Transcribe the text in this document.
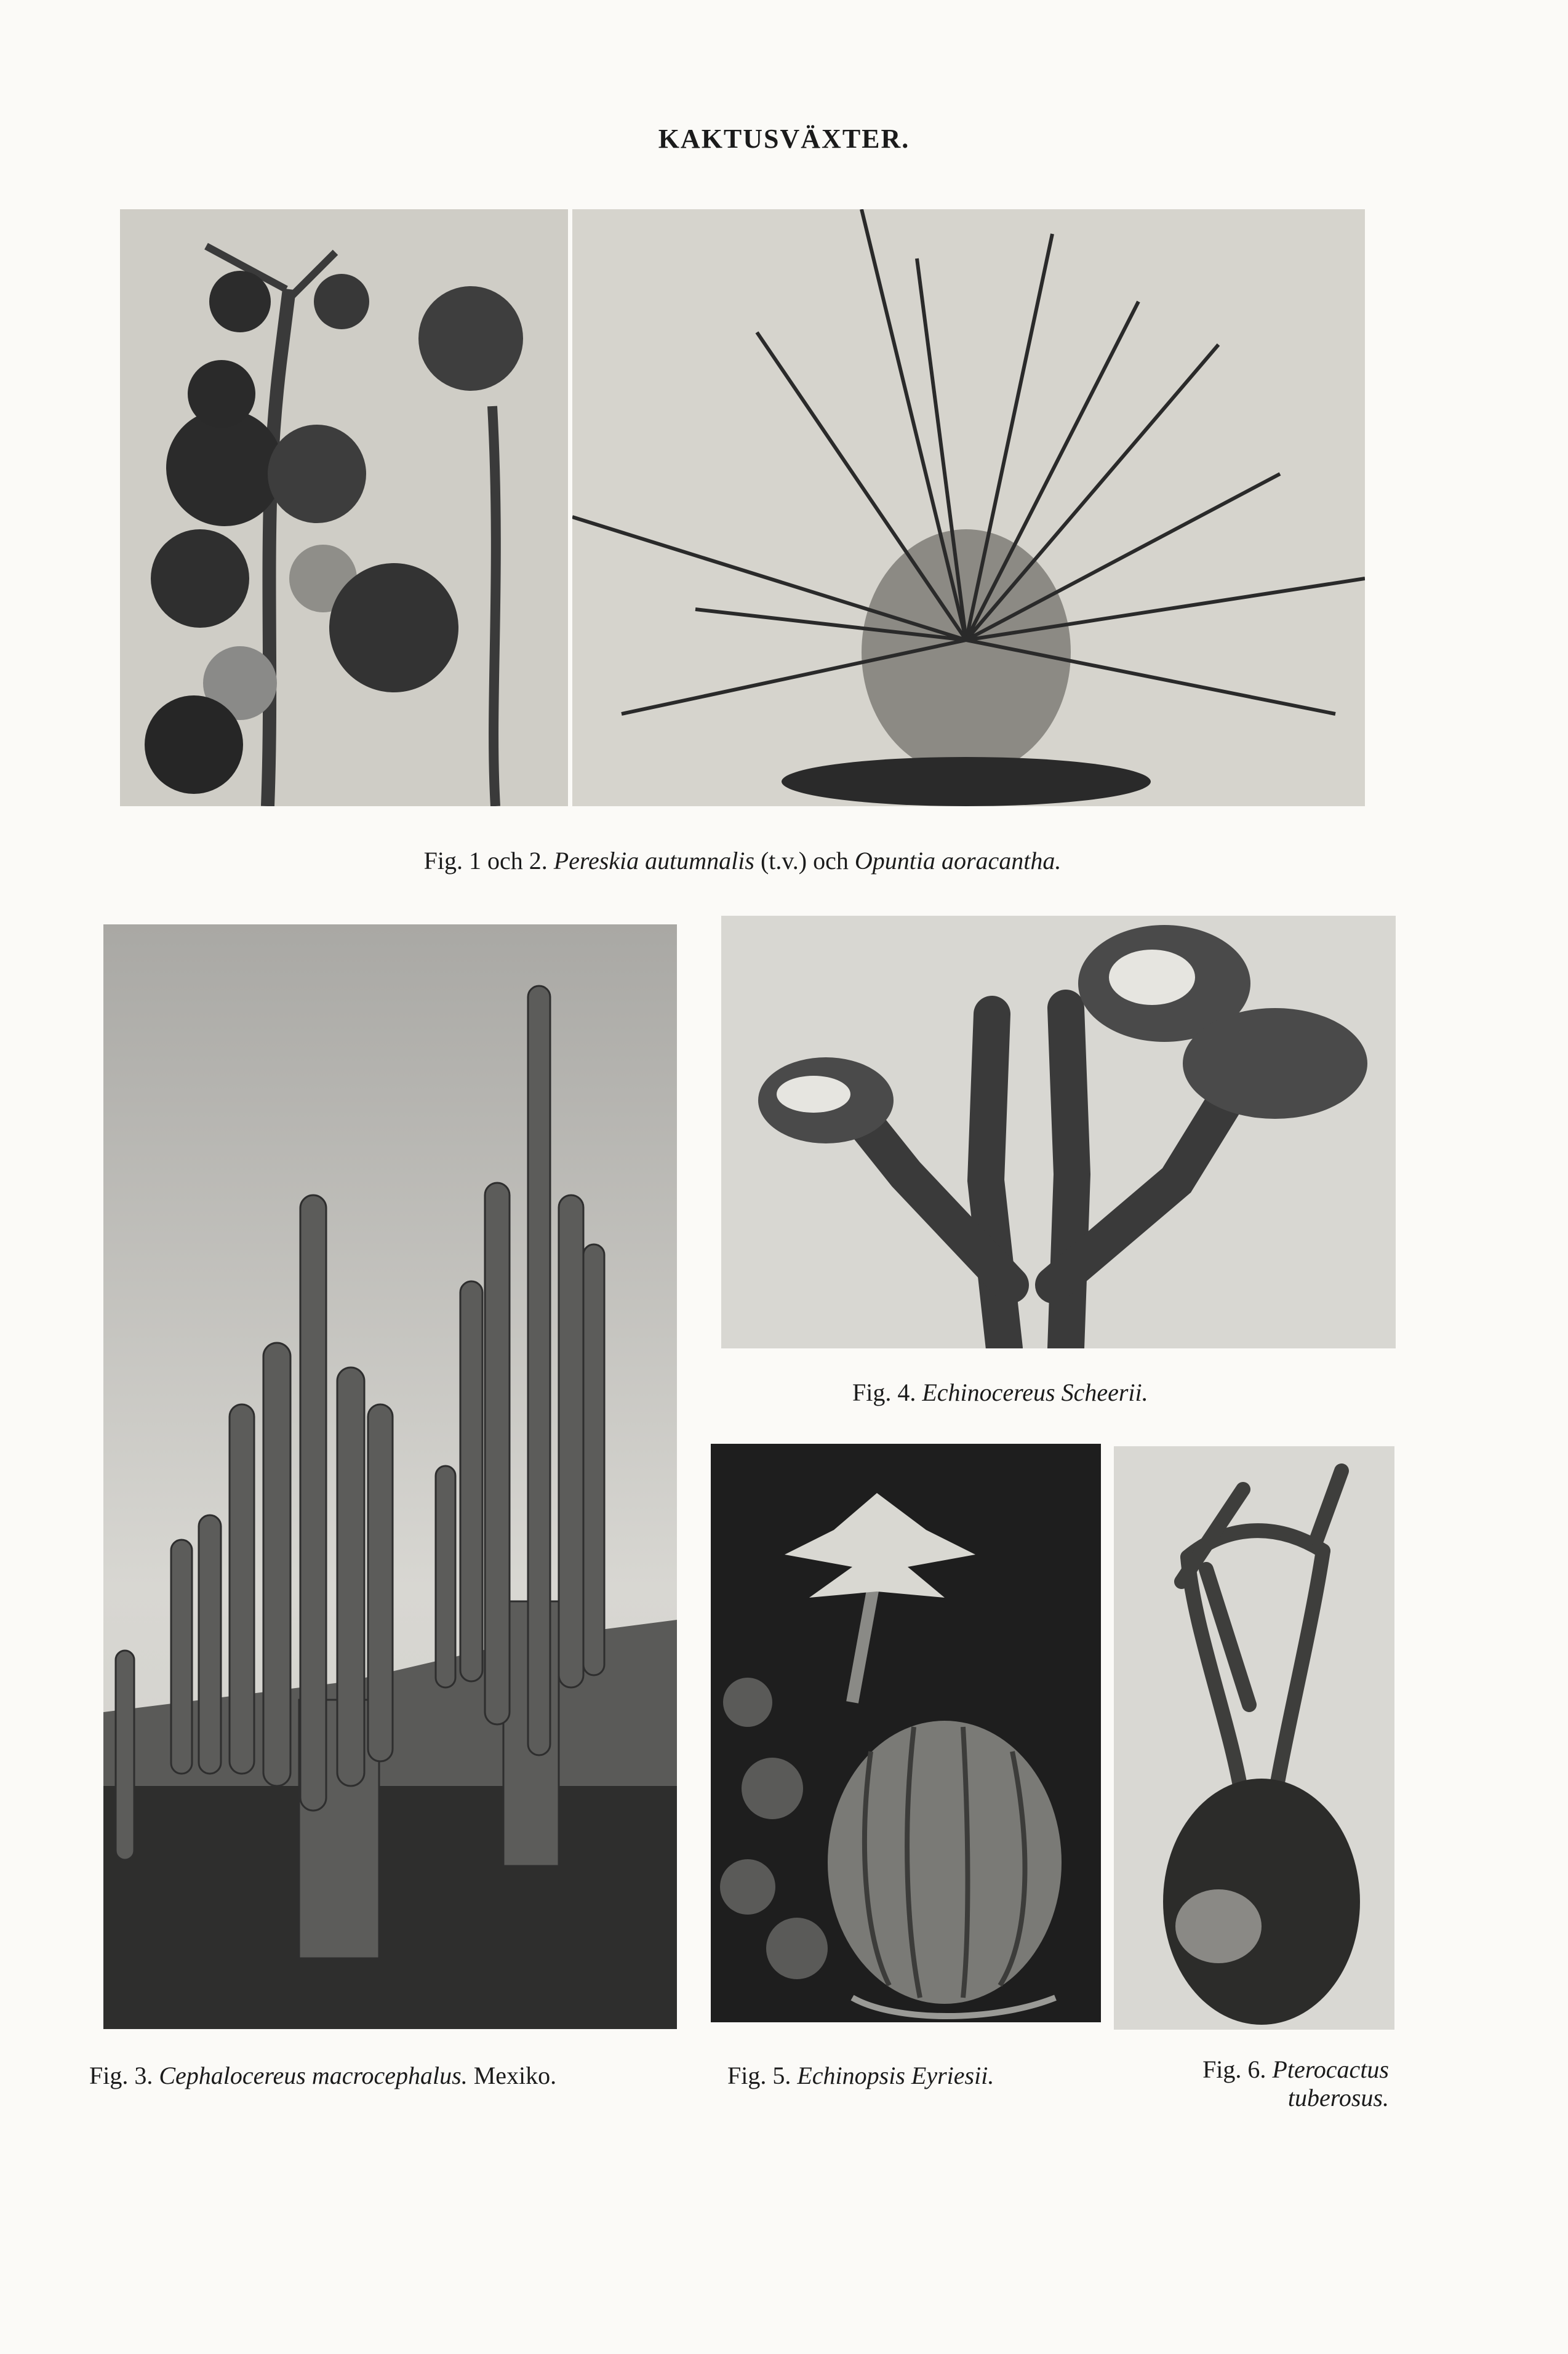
KAKTUSVÄXTER.
Fig. 1 och 2. Pereskia autumnalis (t.v.) och Opuntia aoracantha.
Fig. 3. Cephalocereus macrocephalus. Mexiko.
Fig. 4. Echinocereus Scheerii.
Fig. 5. Echinopsis Eyriesii.	Fig. 6. Pterocactus
tuberosus.
